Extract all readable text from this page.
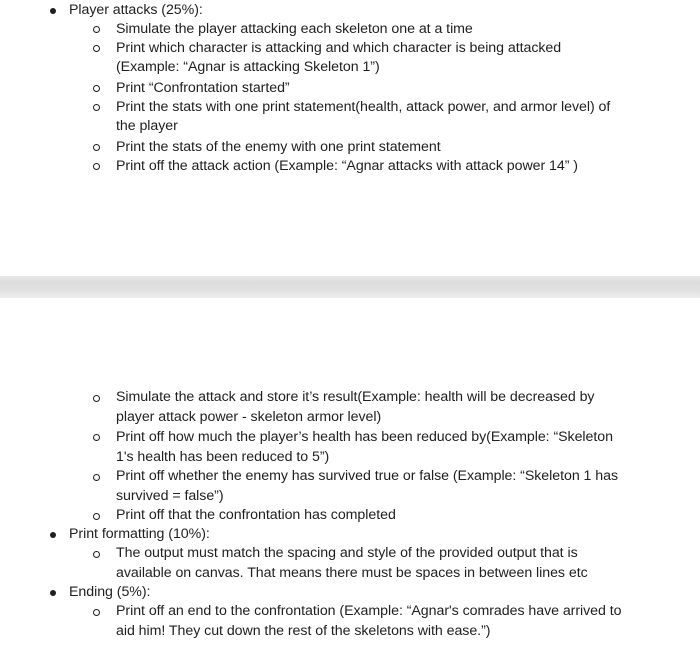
Player attacks (25%):
Simulate the player attacking each skeleton one at a time
Print which character is attacking and which character is being attacked
(Example: “Agnar is attacking Skeleton 1”)
Print “Confrontation started”
Print the stats with one print statement(health, attack power, and armor level) of
the player
Print the stats of the enemy with one print statement
Print off the attack action (Example: “Agnar attacks with attack power 14” )
Simulate the attack and store it’s result(Example: health will be decreased by
player attack power - skeleton armor level)
Print off how much the player’s health has been reduced by(Example: “Skeleton
1's health has been reduced to 5”)
Print off whether the enemy has survived true or false (Example: “Skeleton 1 has
survived = false”)
Print off that the confrontation has completed
Print formatting (10%):
The output must match the spacing and style of the provided output that is
available on canvas. That means there must be spaces in between lines etc
Ending (5%):
Print off an end to the confrontation (Example: “Agnar's comrades have arrived to
aid him! They cut down the rest of the skeletons with ease.”)
